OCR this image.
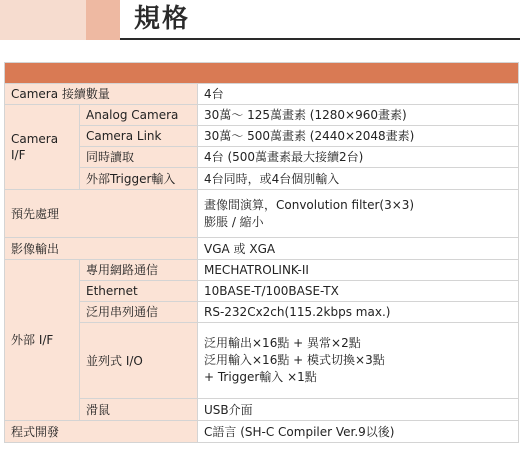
規格

Camera 接續數量		4台
Camera
I/F	Analog Camera	30萬～ 125萬畫素 (1280×960畫素)
	Camera Link	30萬～ 500萬畫素 (2440×2048畫素)
	同時讀取	4台 (500萬畫素最大接續2台)
	外部Trigger輸入	4台同時，或4台個別輸入
預先處理		畫像間演算，Convolution filter(3×3)
膨脹 / 縮小

影像輸出		VGA 或 XGA
外部 I/F	專用網路通信	MECHATROLINK-II
	Ethernet	10BASE-T/100BASE-TX
	泛用串列通信	RS-232Cx2ch(115.2kbps max.)
	並列式 I/O	泛用輸出×16點 + 異常×2點
泛用輸入×16點 + 模式切換×3點
+ Trigger輸入 ×1點

	滑鼠	USB介面
程式開發		C語言 (SH-C Compiler Ver.9以後)
